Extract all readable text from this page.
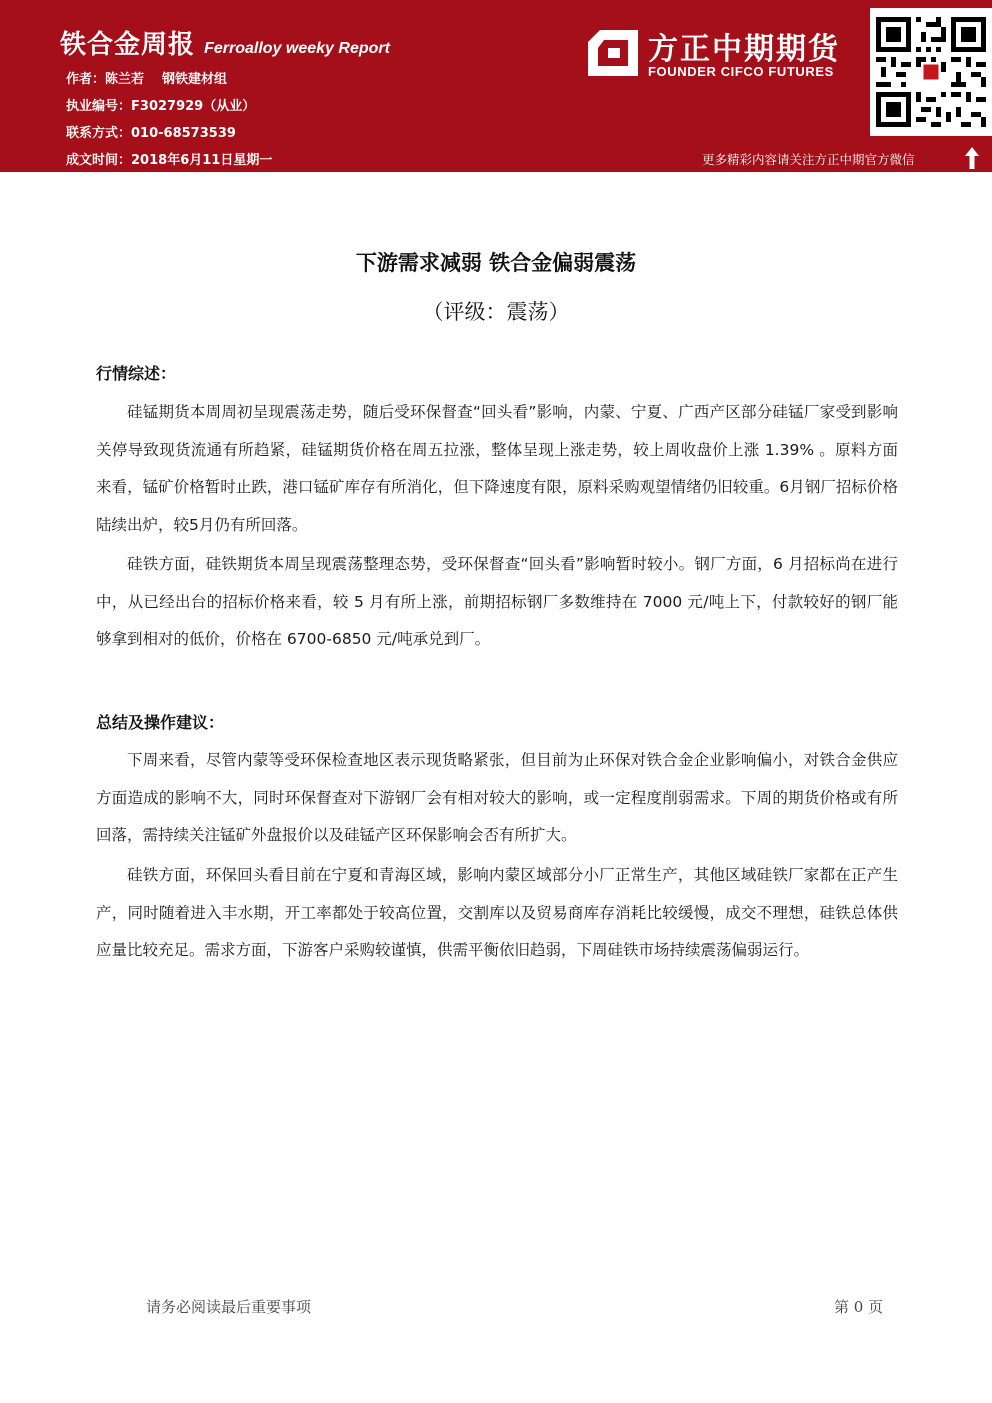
铁合金周报 Ferroalloy weeky Report
作者：陈兰若 钢铁建材组
执业编号：F3027929（从业）
联系方式：010-68573539
成文时间：2018年6月11日星期一
方正中期期货
FOUNDER CIFCO FUTURES
更多精彩内容请关注方正中期官方微信
下游需求减弱 铁合金偏弱震荡
（评级：震荡）
行情综述：

硅锰期货本周周初呈现震荡走势，随后受环保督查“回头看”影响，内蒙、宁夏、广西产区部分硅锰厂家受到影响关停导致现货流通有所趋紧，硅锰期货价格在周五拉涨，整体呈现上涨走势，较上周收盘价上涨 1.39% 。原料方面来看，锰矿价格暂时止跌，港口锰矿库存有所消化，但下降速度有限，原料采购观望情绪仍旧较重。6月钢厂招标价格陆续出炉，较5月仍有所回落。

硅铁方面，硅铁期货本周呈现震荡整理态势，受环保督查“回头看”影响暂时较小。钢厂方面，6 月招标尚在进行中，从已经出台的招标价格来看，较 5 月有所上涨，前期招标钢厂多数维持在 7000 元/吨上下，付款较好的钢厂能够拿到相对的低价，价格在 6700-6850 元/吨承兑到厂。

总结及操作建议：

下周来看，尽管内蒙等受环保检查地区表示现货略紧张，但目前为止环保对铁合金企业影响偏小，对铁合金供应方面造成的影响不大，同时环保督查对下游钢厂会有相对较大的影响，或一定程度削弱需求。下周的期货价格或有所回落，需持续关注锰矿外盘报价以及硅锰产区环保影响会否有所扩大。

硅铁方面，环保回头看目前在宁夏和青海区域，影响内蒙区域部分小厂正常生产，其他区域硅铁厂家都在正产生产，同时随着进入丰水期，开工率都处于较高位置，交割库以及贸易商库存消耗比较缓慢，成交不理想，硅铁总体供应量比较充足。需求方面，下游客户采购较谨慎，供需平衡依旧趋弱，下周硅铁市场持续震荡偏弱运行。

请务必阅读最后重要事项	第 0 页
